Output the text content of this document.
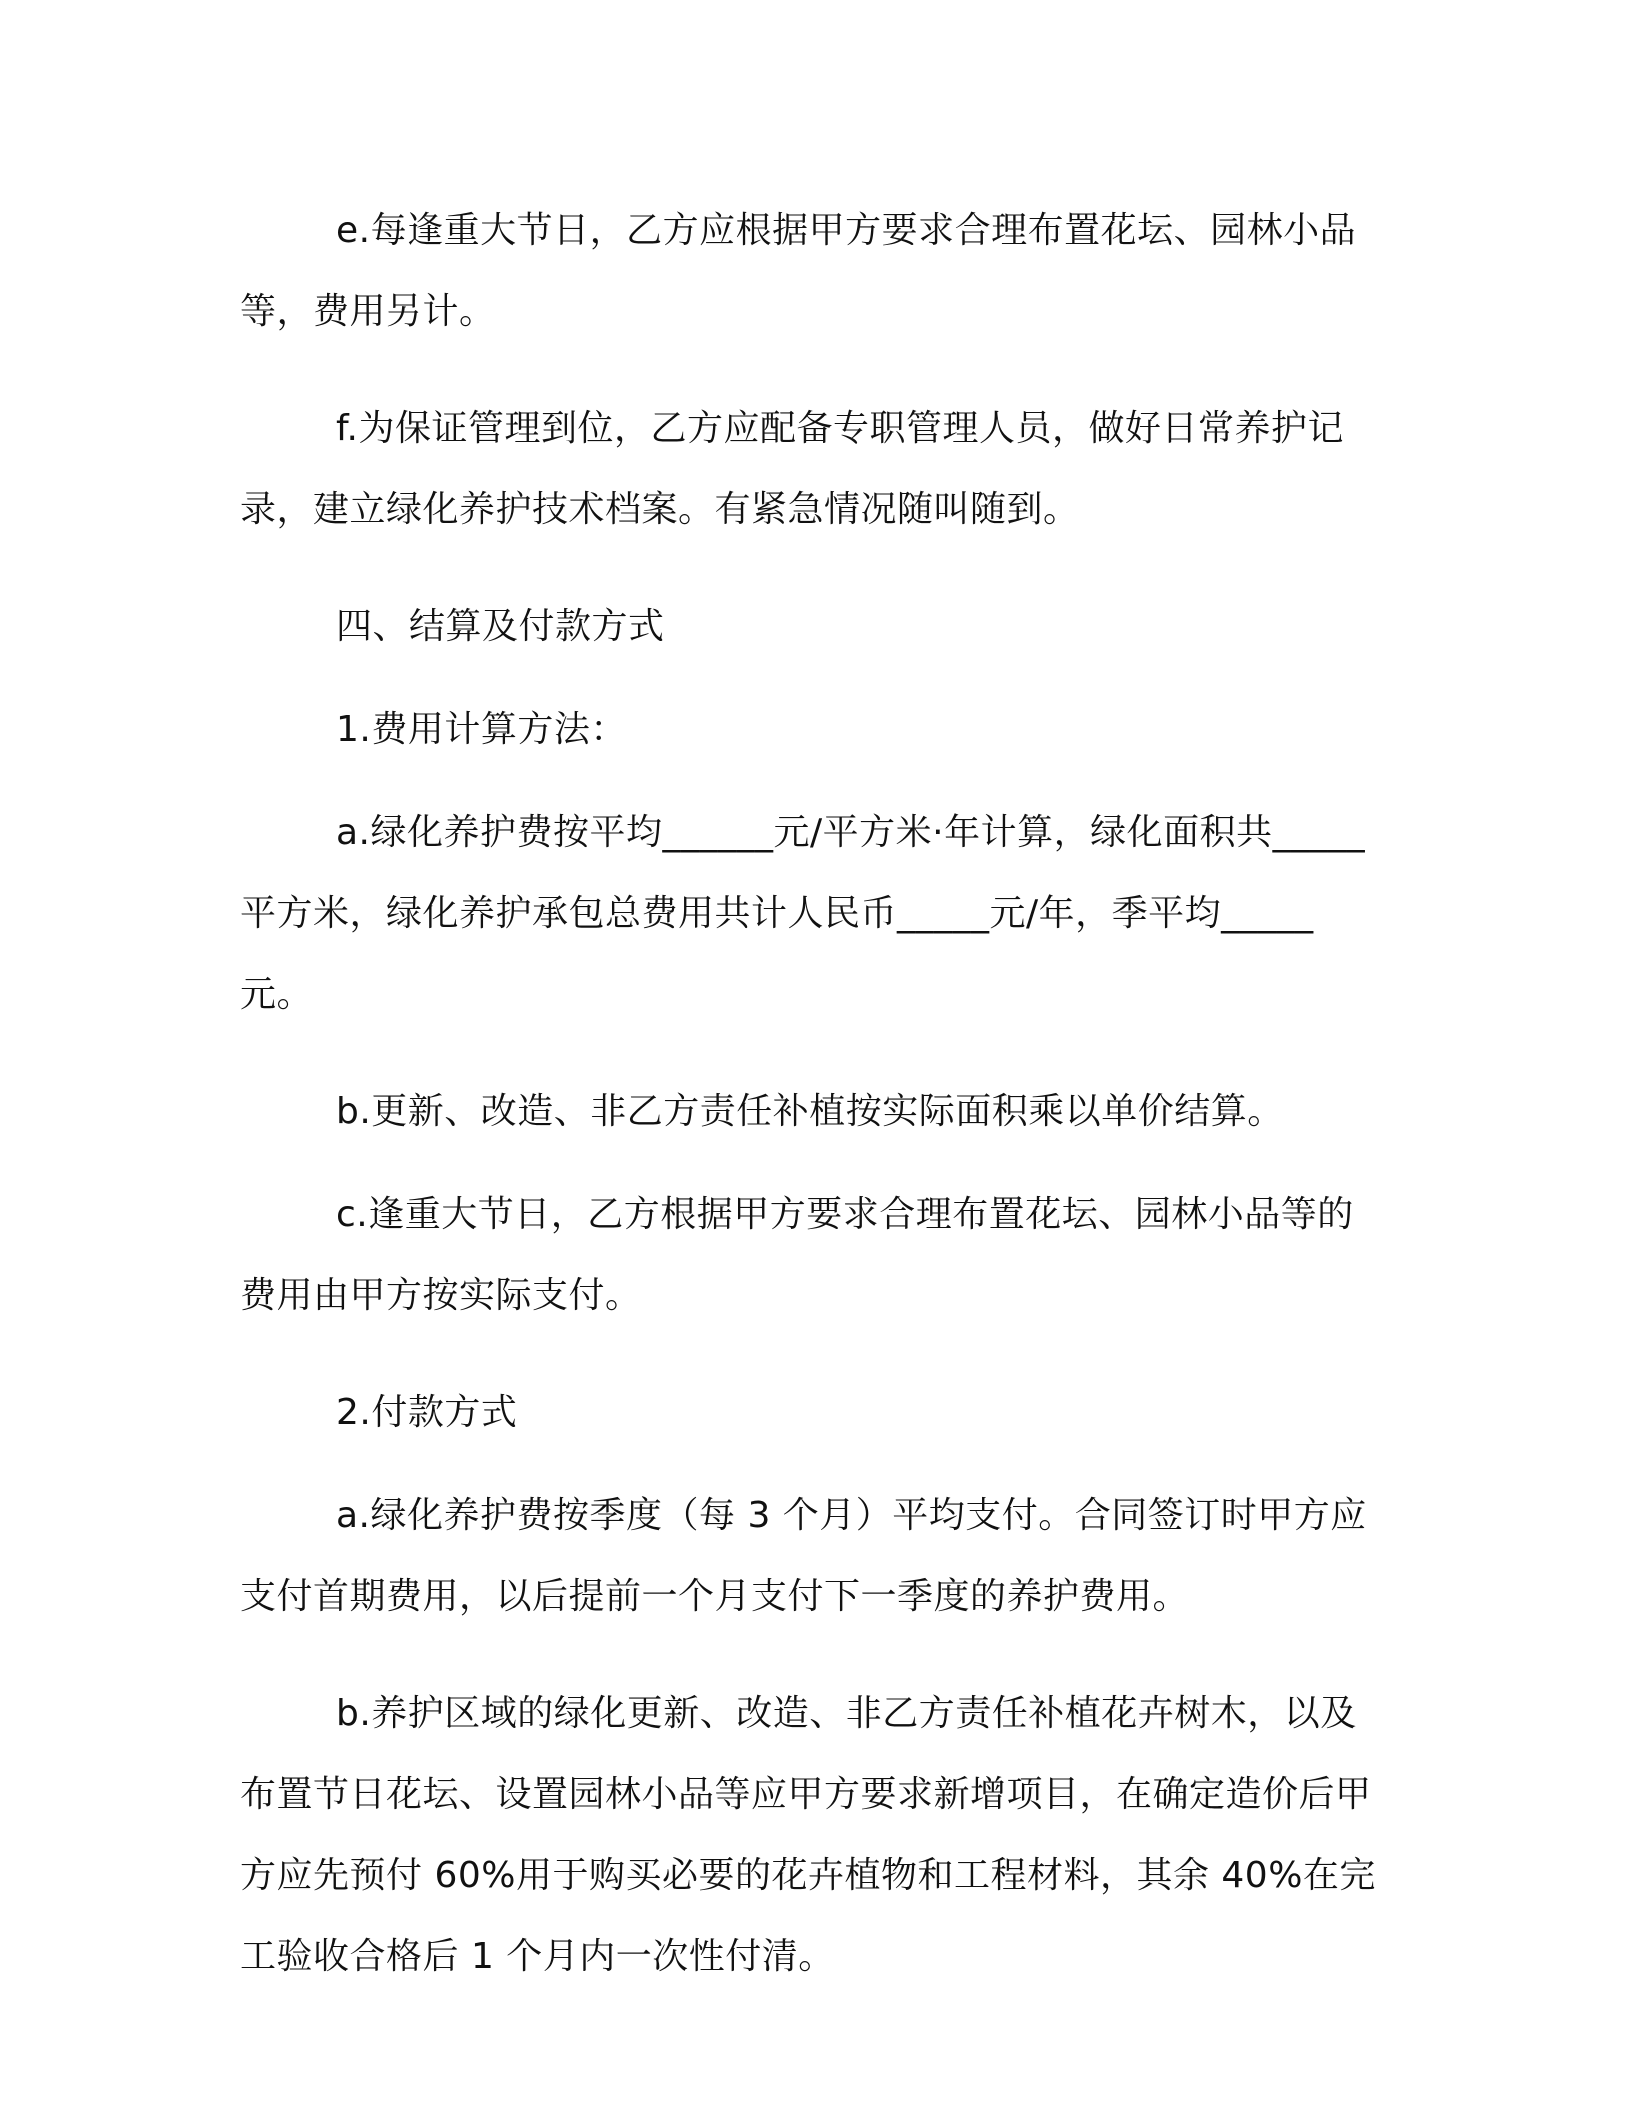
e.每逢重大节日，乙方应根据甲方要求合理布置花坛、园林小品等，费用另计。

f.为保证管理到位，乙方应配备专职管理人员，做好日常养护记录，建立绿化养护技术档案。有紧急情况随叫随到。

四、结算及付款方式

1.费用计算方法：

a.绿化养护费按平均______元/平方米·年计算，绿化面积共_____平方米，绿化养护承包总费用共计人民币_____元/年，季平均_____元。

b.更新、改造、非乙方责任补植按实际面积乘以单价结算。

c.逢重大节日，乙方根据甲方要求合理布置花坛、园林小品等的费用由甲方按实际支付。

2.付款方式

a.绿化养护费按季度（每 3 个月）平均支付。合同签订时甲方应支付首期费用，以后提前一个月支付下一季度的养护费用。

b.养护区域的绿化更新、改造、非乙方责任补植花卉树木，以及布置节日花坛、设置园林小品等应甲方要求新增项目，在确定造价后甲方应先预付 60%用于购买必要的花卉植物和工程材料，其余 40%在完工验收合格后 1 个月内一次性付清。
